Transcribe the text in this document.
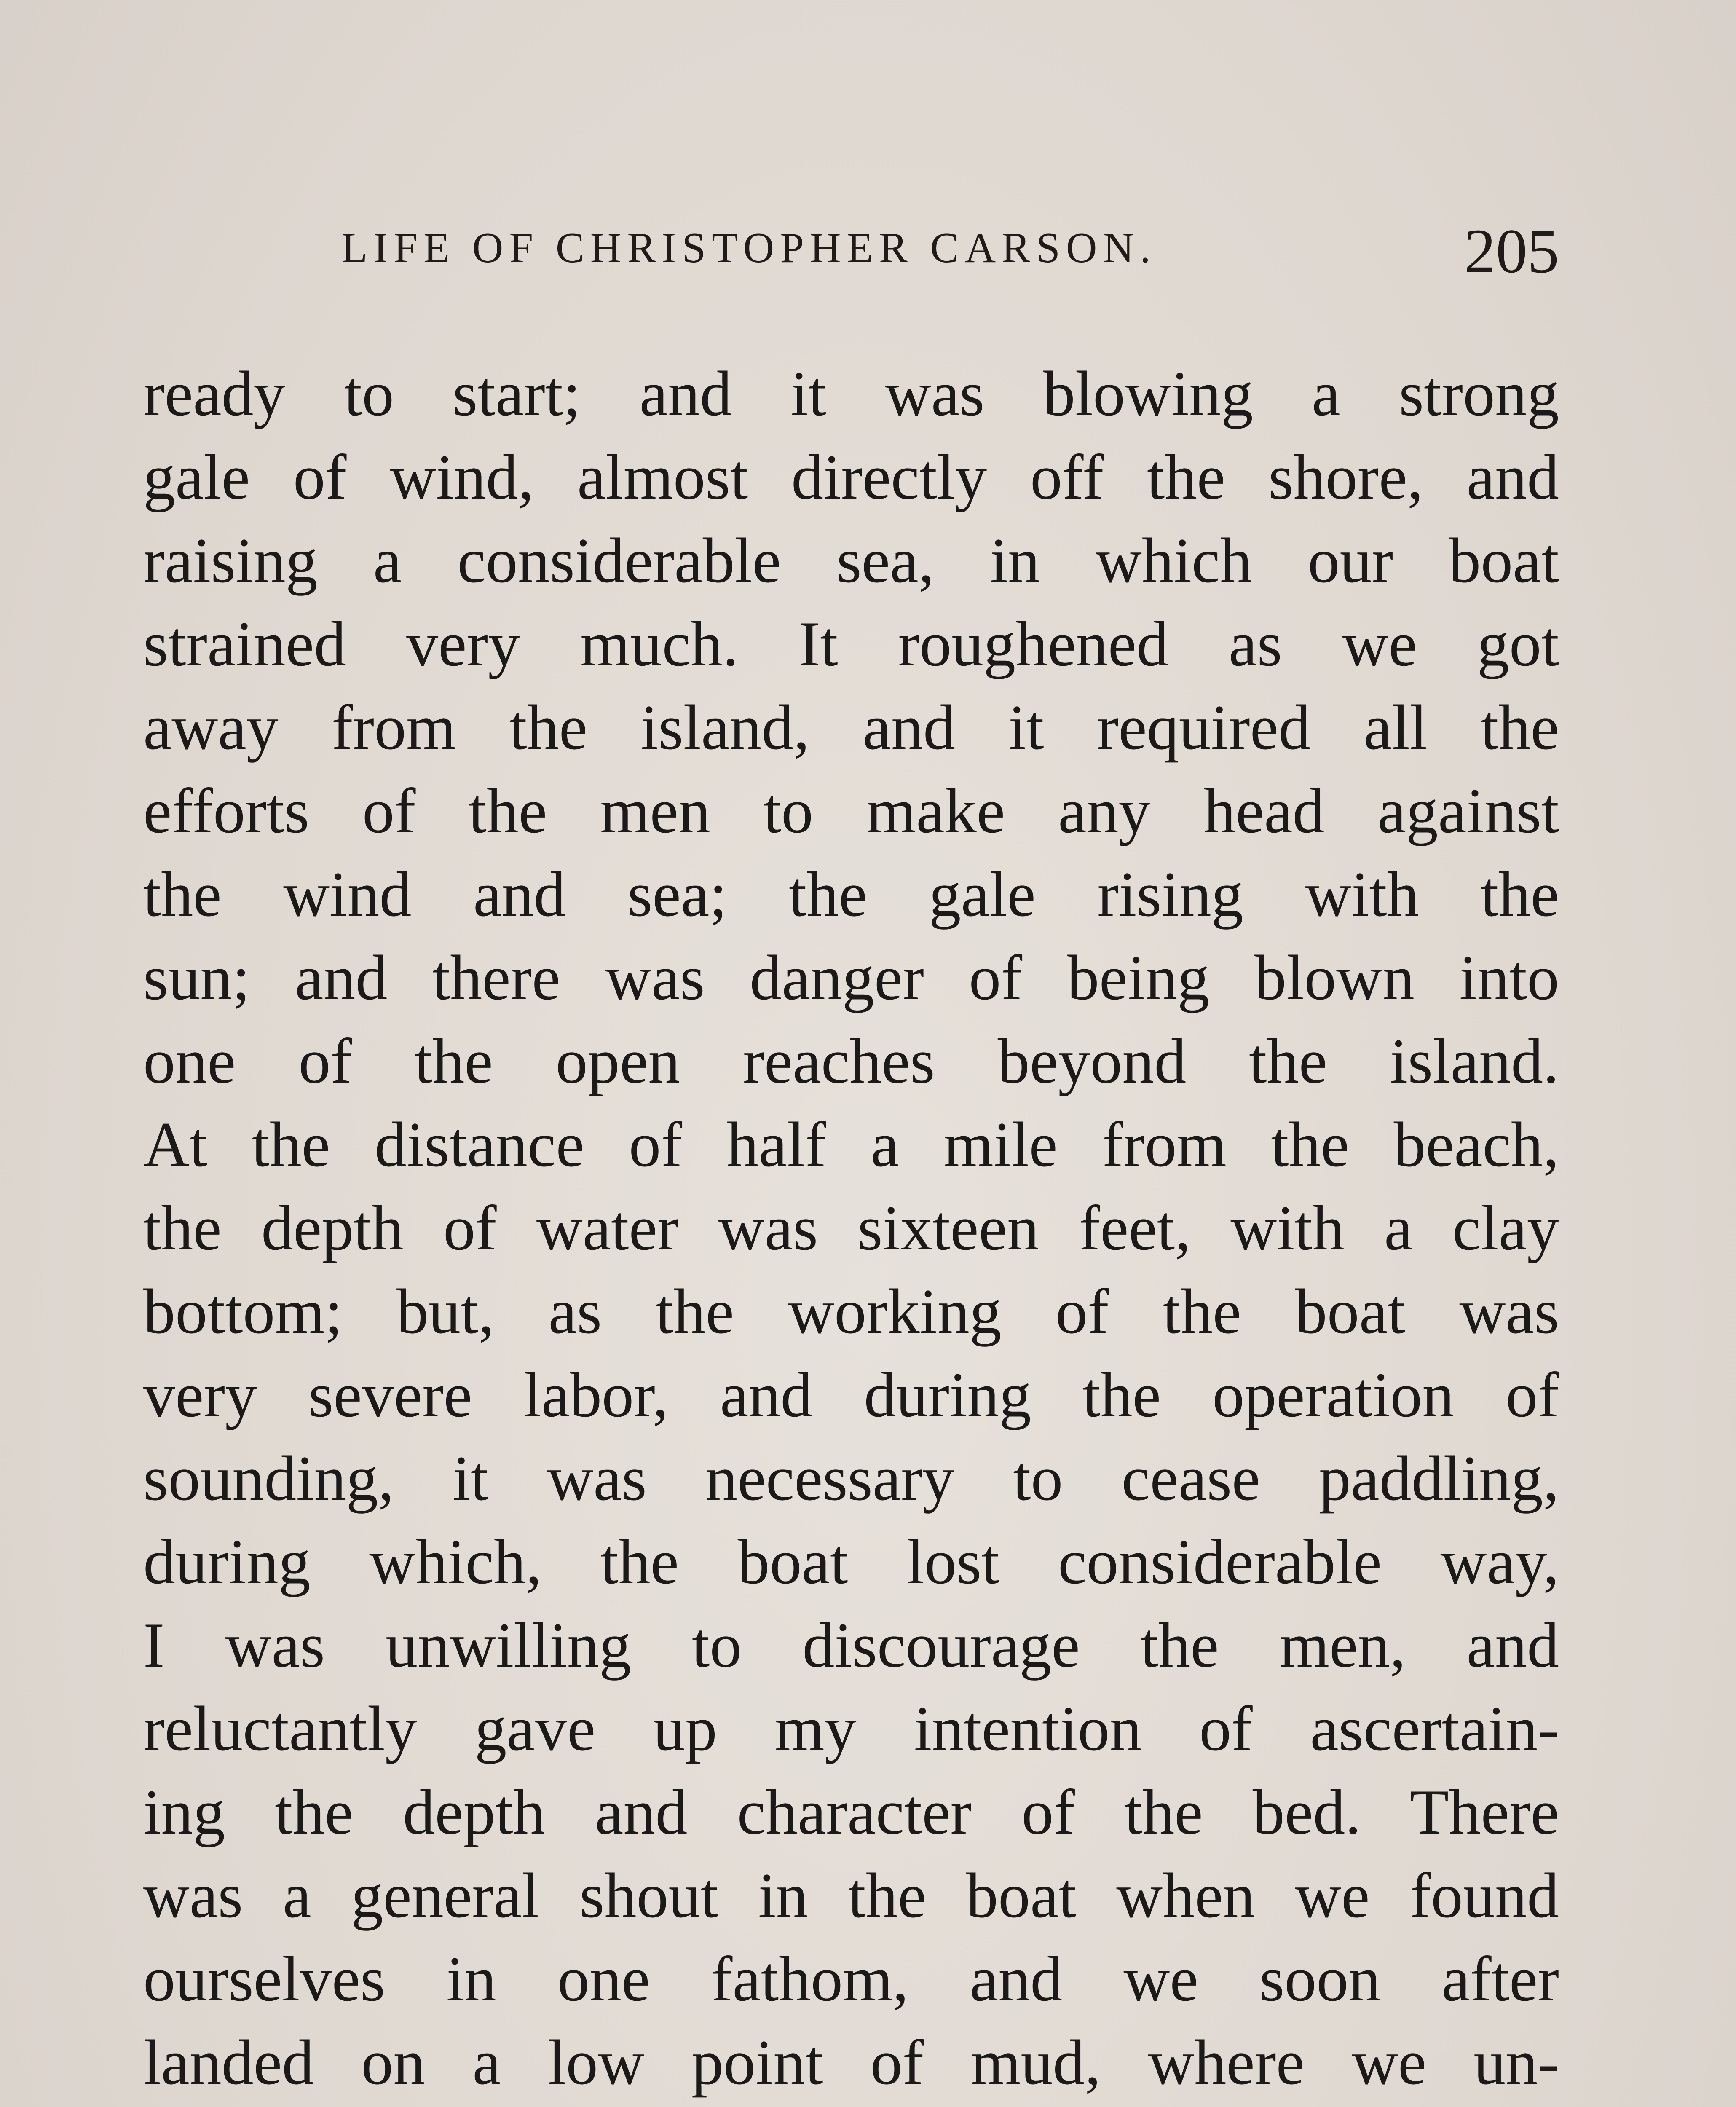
LIFE OF CHRISTOPHER CARSON.	205
ready to start; and it was blowing a strong
gale of wind, almost directly off the shore, and
raising a considerable sea, in which our boat
strained very much. It roughened as we got
away from the island, and it required all the
efforts of the men to make any head against
the wind and sea; the gale rising with the
sun; and there was danger of being blown into
one of the open reaches beyond the island.
At the distance of half a mile from the beach,
the depth of water was sixteen feet, with a clay
bottom; but, as the working of the boat was
very severe labor, and during the operation of
sounding, it was necessary to cease paddling,
during which, the boat lost considerable way,
I was unwilling to discourage the men, and
reluctantly gave up my intention of ascertain-
ing the depth and character of the bed. There
was a general shout in the boat when we found
ourselves in one fathom, and we soon after
landed on a low point of mud, where we un-
